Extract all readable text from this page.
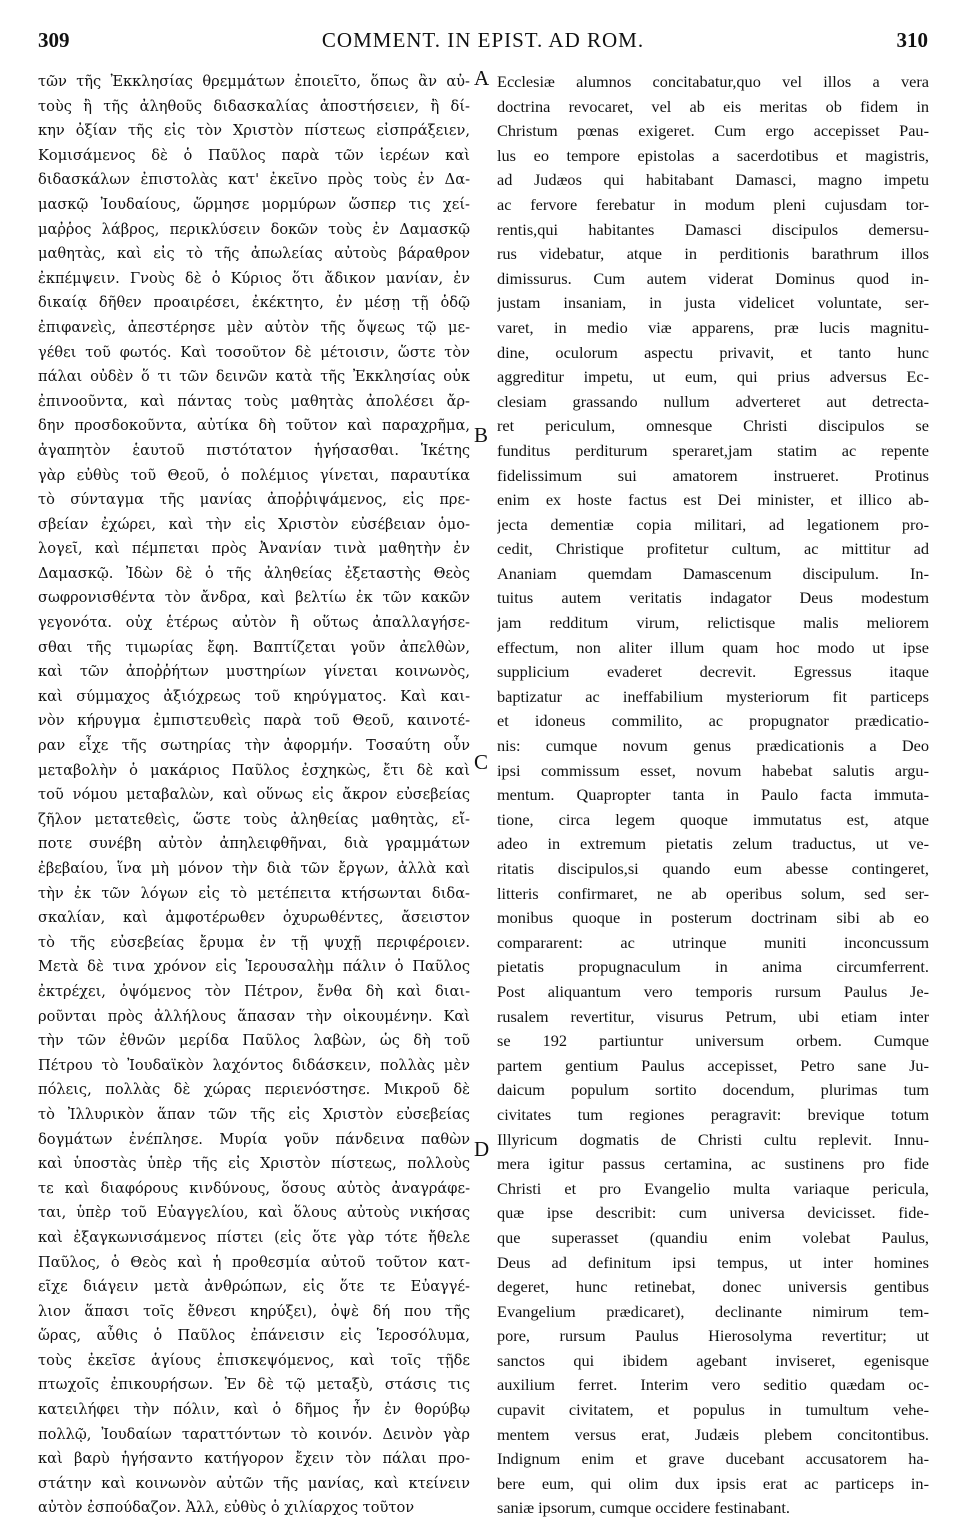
309	COMMENT. IN EPIST. AD ROM.	310
τῶν τῆς Ἐκκλησίας θρεμμάτων ἐποιεῖτο, ὅπως ἂν αὐ-
τοὺς ἢ τῆς ἀληθοῦς διδασκαλίας ἀποστήσειεν, ἢ δί-
κην ὀξίαν τῆς εἰς τὸν Χριστὸν πίστεως εἰσπράξειεν,
Κομισάμενος δὲ ὁ Παῦλος παρὰ τῶν ἱερέων καὶ
διδασκάλων ἐπιστολὰς κατ' ἐκεῖνο πρὸς τοὺς ἐν Δα-
μασκῷ Ἰουδαίους, ὥρμησε μορμύρων ὥσπερ τις χεί-
μαῤῥος λάβρος, περικλύσειν δοκῶν τοὺς ἐν Δαμασκῷ
μαθητὰς, καὶ εἰς τὸ τῆς ἀπωλείας αὐτοὺς βάραθρον
ἐκπέμψειν. Γνοὺς δὲ ὁ Κύριος ὅτι ἄδικον μανίαν, ἐν
δικαίᾳ δῆθεν προαιρέσει, ἐκέκτητο, ἐν μέσῃ τῇ ὁδῷ
ἐπιφανεὶς, ἀπεστέρησε μὲν αὐτὸν τῆς ὄψεως τῷ με-
γέθει τοῦ φωτός. Καὶ τοσοῦτον δὲ μέτοισιν, ὥστε τὸν
πάλαι οὐδὲν ὅ τι τῶν δεινῶν κατὰ τῆς Ἐκκλησίας οὐκ
ἐπινοοῦντα, καὶ πάντας τοὺς μαθητὰς ἀπολέσει ἄρ-
δην προσδοκοῦντα, αὐτίκα δὴ τοῦτον καὶ παραχρῆμα,
ἀγαπητὸν ἑαυτοῦ πιστότατον ἡγήσασθαι. Ἱκέτης
γὰρ εὐθὺς τοῦ Θεοῦ, ὁ πολέμιος γίνεται, παραυτίκα
τὸ σύνταγμα τῆς μανίας ἀποῤῥιψάμενος, εἰς πρε-
σβείαν ἐχώρει, καὶ τὴν εἰς Χριστὸν εὐσέβειαν ὁμο-
λογεῖ, καὶ πέμπεται πρὸς Ἀνανίαν τινὰ μαθητὴν ἐν
Δαμασκῷ. Ἰδὼν δὲ ὁ τῆς ἀληθείας ἐξεταστὴς Θεὸς
σωφρονισθέντα τὸν ἄνδρα, καὶ βελτίω ἐκ τῶν κακῶν
γεγονότα. οὐχ ἑτέρως αὐτὸν ἢ οὕτως ἀπαλλαγήσε-
σθαι τῆς τιμωρίας ἔφη. Βαπτίζεται γοῦν ἀπελθὼν,
καὶ τῶν ἀποῤῥήτων μυστηρίων γίνεται κοινωνὸς,
καὶ σύμμαχος ἀξιόχρεως τοῦ κηρύγματος. Καὶ και-
νὸν κήρυγμα ἐμπιστευθεὶς παρὰ τοῦ Θεοῦ, καινοτέ-
ραν εἶχε τῆς σωτηρίας τὴν ἀφορμήν. Τοσαύτη οὖν
μεταβολὴν ὁ μακάριος Παῦλος ἐσχηκὼς, ἔτι δὲ καὶ
τοῦ νόμου μεταβαλὼν, καὶ οὕνως εἰς ἄκρον εὐσεβείας
ζῆλον μετατεθεὶς, ὥστε τοὺς ἀληθείας μαθητὰς, εἴ-
ποτε συνέβη αὐτὸν ἀπηλειφθῆναι, διὰ γραμμάτων
ἐβεβαίου, ἵνα μὴ μόνον τὴν διὰ τῶν ἔργων, ἀλλὰ καὶ
τὴν ἐκ τῶν λόγων εἰς τὸ μετέπειτα κτήσωνται διδα-
σκαλίαν, καὶ ἀμφοτέρωθεν ὀχυρωθέντες, ἄσειστον
τὸ τῆς εὐσεβείας ἔρυμα ἐν τῇ ψυχῇ περιφέροιεν.
Μετὰ δὲ τινα χρόνον εἰς Ἱερουσαλὴμ πάλιν ὁ Παῦλος
ἐκτρέχει, ὀψόμενος τὸν Πέτρον, ἔνθα δὴ καὶ διαι-
ροῦνται πρὸς ἀλλήλους ἅπασαν τὴν οἰκουμένην. Καὶ
τὴν τῶν ἐθνῶν μερίδα Παῦλος λαβὼν, ὡς δὴ τοῦ
Πέτρου τὸ Ἰουδαϊκὸν λαχόντος διδάσκειν, πολλὰς μὲν
πόλεις, πολλὰς δὲ χώρας περιενόστησε. Μικροῦ δὲ
τὸ Ἰλλυρικὸν ἅπαν τῶν τῆς εἰς Χριστὸν εὐσεβείας
δογμάτων ἐνέπλησε. Μυρία γοῦν πάνδεινα παθὼν
καὶ ὑποστὰς ὑπὲρ τῆς εἰς Χριστὸν πίστεως, πολλοὺς
τε καὶ διαφόρους κινδύνους, ὅσους αὐτὸς ἀναγράφε-
ται, ὑπὲρ τοῦ Εὐαγγελίου, καὶ ὅλους αὐτοὺς νικήσας
καὶ ἐξαγκωνισάμενος πίστει (εἰς ὅτε γὰρ τότε ἤθελε
Παῦλος, ὁ Θεὸς καὶ ἡ προθεσμία αὐτοῦ τοῦτον κατ-
εῖχε διάγειν μετὰ ἀνθρώπων, εἰς ὅτε τε Εὐαγγέ-
λιον ἅπασι τοῖς ἔθνεσι κηρύξει), ὀψὲ δή που τῆς
ὥρας, αὖθις ὁ Παῦλος ἐπάνεισιν εἰς Ἱεροσόλυμα,
τοὺς ἐκεῖσε ἁγίους ἐπισκεψόμενος, καὶ τοῖς τῇδε
πτωχοῖς ἐπικουρήσων. Ἐν δὲ τῷ μεταξὺ, στάσις τις
κατειλήφει τὴν πόλιν, καὶ ὁ δῆμος ἦν ἐν θορύβῳ
πολλῷ, Ἰουδαίων ταραττόντων τὸ κοινόν. Δεινὸν γὰρ
καὶ βαρὺ ἡγήσαντο κατήγορον ἔχειν τὸν πάλαι προ-
στάτην καὶ κοινωνὸν αὐτῶν τῆς μανίας, καὶ κτείνειν
αὐτὸν ἐσπούδαζον. Ἀλλ, εὐθὺς ὁ χιλίαρχος τοῦτον
Ecclesiæ alumnos concitabatur,quo vel illos a vera
doctrina revocaret, vel ab eis meritas ob fidem in
Christum pœnas exigeret. Cum ergo accepisset Pau-
lus eo tempore epistolas a sacerdotibus et magistris,
ad Judæos qui habitabant Damasci, magno impetu
ac fervore ferebatur in modum pleni cujusdam tor-
rentis,qui habitantes Damasci discipulos demersu-
rus videbatur, atque in perditionis barathrum illos
dimissurus. Cum autem viderat Dominus quod in-
justam insaniam, in justa videlicet voluntate, ser-
varet, in medio viæ apparens, præ lucis magnitu-
dine, oculorum aspectu privavit, et tanto hunc
aggreditur impetu, ut eum, qui prius adversus Ec-
clesiam grassando nullum adverteret aut detrecta-
ret periculum, omnesque Christi discipulos se
funditus perditurum speraret,jam statim ac repente
fidelissimum sui amatorem instrueret. Protinus
enim ex hoste factus est Dei minister, et illico ab-
jecta dementiæ copia militari, ad legationem pro-
cedit, Christique profitetur cultum, ac mittitur ad
Ananiam quemdam Damascenum discipulum. In-
tuitus autem veritatis indagator Deus modestum
jam redditum virum, relictisque malis meliorem
effectum, non aliter illum quam hoc modo ut ipse
supplicium evaderet decrevit. Egressus itaque
baptizatur ac ineffabilium mysteriorum fit particeps
et idoneus commilito, ac propugnator prædicatio-
nis: cumque novum genus prædicationis a Deo
ipsi commissum esset, novum habebat salutis argu-
mentum. Quapropter tanta in Paulo facta immuta-
tione, circa legem quoque immutatus est, atque
adeo in extremum pietatis zelum traductus, ut ve-
ritatis discipulos,si quando eum abesse contingeret,
litteris confirmaret, ne ab operibus solum, sed ser-
monibus quoque in posterum doctrinam sibi ab eo
compararent: ac utrinque muniti inconcussum
pietatis propugnaculum in anima circumferrent.
Post aliquantum vero temporis rursum Paulus Je-
rusalem revertitur, visurus Petrum, ubi etiam inter
se 192 partiuntur universum orbem. Cumque
partem gentium Paulus accepisset, Petro sane Ju-
daicum populum sortito docendum, plurimas tum
civitates tum regiones peragravit: brevique totum
Illyricum dogmatis de Christi cultu replevit. Innu-
mera igitur passus certamina, ac sustinens pro fide
Christi et pro Evangelio multa variaque pericula,
quæ ipse describit: cum universa devicisset. fide-
que superasset (quandiu enim volebat Paulus,
Deus ad definitum ipsi tempus, ut inter homines
degeret, hunc retinebat, donec universis gentibus
Evangelium prædicaret), declinante nimirum tem-
pore, rursum Paulus Hierosolyma revertitur; ut
sanctos qui ibidem agebant inviseret, egenisque
auxilium ferret. Interim vero seditio quædam oc-
cupavit civitatem, et populus in tumultum vehe-
mentem versus erat, Judæis plebem concitontibus.
Indignum enim et grave ducebant accusatorem ha-
bere eum, qui olim dux ipsis erat ac particeps in-
saniæ ipsorum, cumque occidere festinabant.
A
B
C
D
